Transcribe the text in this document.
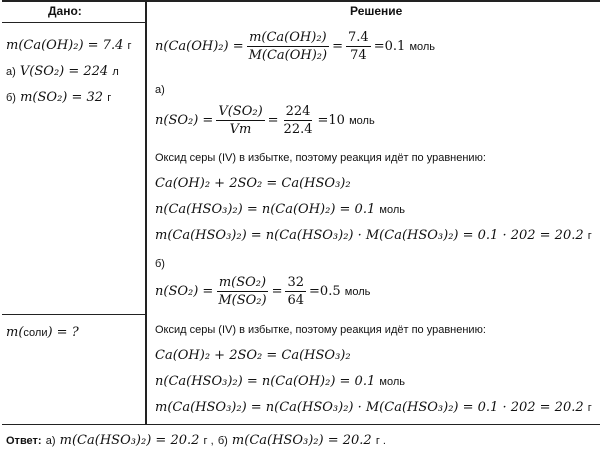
Дано:	Решение
m(Ca(OH)₂) = 7.4 г
а) V(SO₂) = 224 л
б) m(SO₂) = 32 г
m(соли) = ?
$n(Ca(OH)_2) = \frac{\text{m(Ca(OH)₂)}}{\text{M(Ca(OH)₂)}} = \frac{7.4}{74} = 0.1$
моль
а)
$n(SO_2) = \frac{\text{V(SO₂)}}{Vm} = \frac{224}{22.4} = 10$
моль
Оксид серы (IV) в избытке, поэтому реакция идёт по уравнению:
Ca(OH)₂ + 2SO₂ = Ca(HSO₃)₂
n(Ca(HSO₃)₂) = n(Ca(OH)₂) = 0.1 моль
m(Ca(HSO₃)₂) = n(Ca(HSO₃)₂) · M(Ca(HSO₃)₂) = 0.1 · 202 = 20.2 г
б)
$n(SO_2) = \frac{\text{m(SO₂)}}{\text{M(SO₂)}} = \frac{32}{64} = 0.5$
моль
Оксид серы (IV) в избытке, поэтому реакция идёт по уравнению:
Ca(OH)₂ + 2SO₂ = Ca(HSO₃)₂
n(Ca(HSO₃)₂) = n(Ca(OH)₂) = 0.1 моль
m(Ca(HSO₃)₂) = n(Ca(HSO₃)₂) · M(Ca(HSO₃)₂) = 0.1 · 202 = 20.2 г
Ответ: а) m(Ca(HSO₃)₂) = 20.2 г , б) m(Ca(HSO₃)₂) = 20.2 г .
